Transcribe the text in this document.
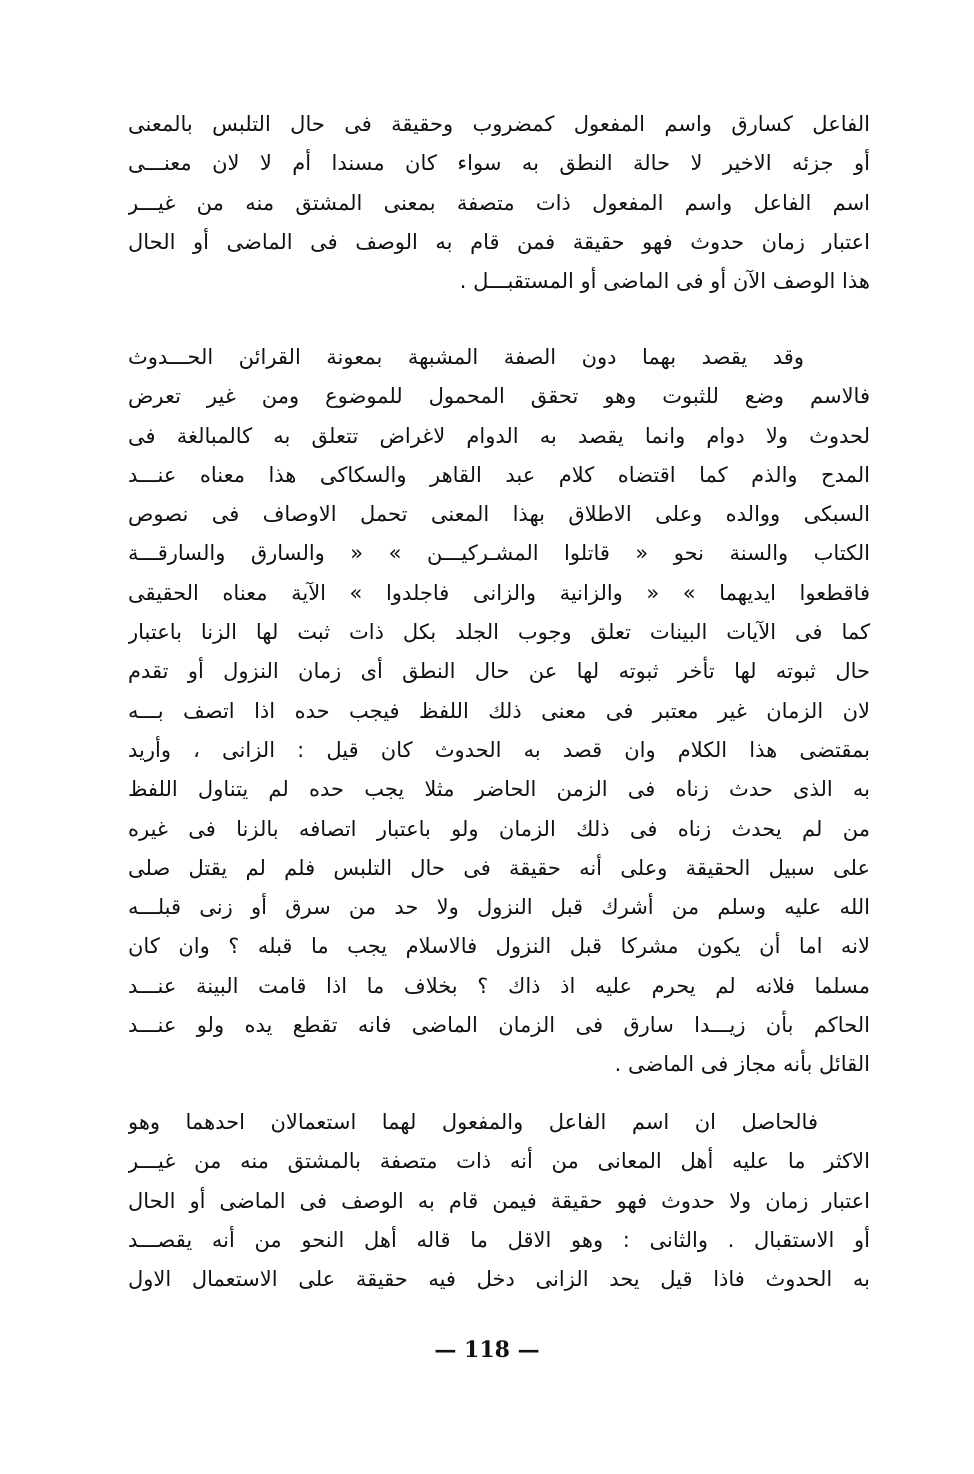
الفاعل كسارق واسم المفعول كمضروب وحقيقة فى حال التلبس بالمعنى
أو جزئه الاخير لا حالة النطق به سواء كان مسندا أم لا لان معنـــى
اسم الفاعل واسم المفعول ذات متصفة بمعنى المشتق منه من غيـــر
اعتبار زمان حدوث فهو حقيقة فمن قام به الوصف فى الماضى أو الحال
هذا الوصف الآن أو فى الماضى أو المستقبـــل .
وقد يقصد بهما دون الصفة المشبهة بمعونة القرائن الحـــدوث
فالاسم وضع للثبوت وهو تحقق المحمول للموضوع ومن غير تعرض
لحدوث ولا دوام وانما يقصد به الدوام لاغراض تتعلق به كالمبالغة فى
المدح والذم كما اقتضاه كلام عبد القاهر والسكاكى هذا معناه عنـــد
السبكى ووالده وعلى الاطلاق بهذا المعنى تحمل الاوصاف فى نصوص
الكتاب والسنة نحو « قاتلوا المشـركيـــن » « والسارق والسارقـــة
فاقطعوا ايديهما » « والزانية والزانى فاجلدوا » الآية معناه الحقيقى
كما فى الآيات البينات تعلق وجوب الجلد بكل ذات ثبت لها الزنا باعتبار
حال ثبوته لها تأخر ثبوته لها عن حال النطق أى زمان النزول أو تقدم
لان الزمان غير معتبر فى معنى ذلك اللفظ فيجب حده اذا اتصف بـــه
بمقتضى هذا الكلام وان قصد به الحدوث كان قيل : الزانى ، وأريد
به الذى حدث زناه فى الزمن الحاضر مثلا يجب حده لم يتناول اللفظ
من لم يحدث زناه فى ذلك الزمان ولو باعتبار اتصافه بالزنا فى غيره
على سبيل الحقيقة وعلى أنه حقيقة فى حال التلبس فلم لم يقتل صلى
الله عليه وسلم من أشرك قبل النزول ولا حد من سرق أو زنى قبلـــه
لانه اما أن يكون مشركا قبل النزول فالاسلام يجب ما قبله ؟ وان كان
مسلما فلانه لم يحرم عليه اذ ذاك ؟ بخلاف ما اذا قامت البينة عنـــد
الحاكم بأن زيـــدا سارق فى الزمان الماضى فانه تقطع يده ولو عنـــد
القائل بأنه مجاز فى الماضى .
فالحاصل ان اسم الفاعل والمفعول لهما استعمالان احدهما وهو
الاكثر ما عليه أهل المعانى من أنه ذات متصفة بالمشتق منه من غيـــر
اعتبار زمان ولا حدوث فهو حقيقة فيمن قام به الوصف فى الماضى أو الحال
أو الاستقبال . والثانى : وهو الاقل ما قاله أهل النحو من أنه يقصـــد
به الحدوث فاذا قيل يحد الزانى دخل فيه حقيقة على الاستعمال الاول
— 118 —
